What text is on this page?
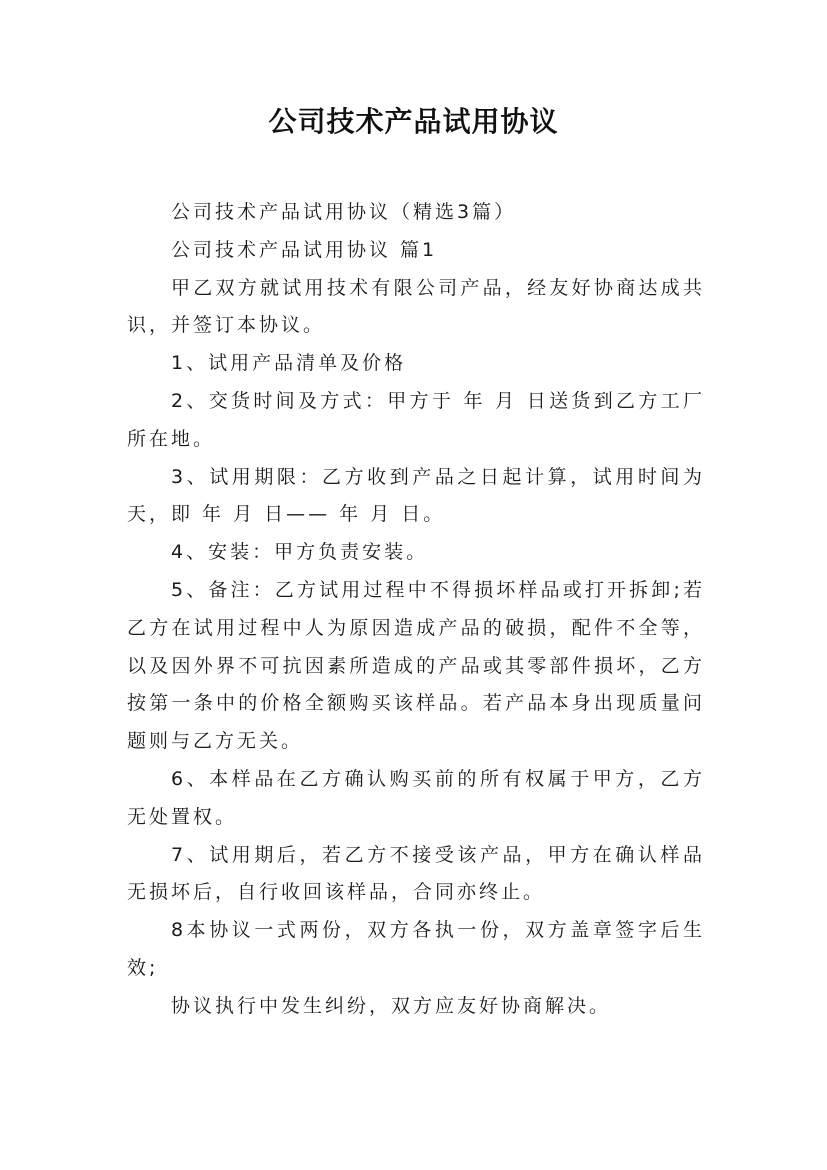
公司技术产品试用协议

公司技术产品试用协议（精选3篇）

公司技术产品试用协议 篇1

甲乙双方就试用技术有限公司产品，经友好协商达成共识，并签订本协议。

1、试用产品清单及价格

2、交货时间及方式：甲方于 年 月 日送货到乙方工厂所在地。

3、试用期限：乙方收到产品之日起计算，试用时间为天，即 年 月 日—— 年 月 日。

4、安装：甲方负责安装。

5、备注：乙方试用过程中不得损坏样品或打开拆卸;若乙方在试用过程中人为原因造成产品的破损，配件不全等，以及因外界不可抗因素所造成的产品或其零部件损坏，乙方按第一条中的价格全额购买该样品。若产品本身出现质量问题则与乙方无关。

6、本样品在乙方确认购买前的所有权属于甲方，乙方无处置权。

7、试用期后，若乙方不接受该产品，甲方在确认样品无损坏后，自行收回该样品，合同亦终止。

8本协议一式两份，双方各执一份，双方盖章签字后生效;

协议执行中发生纠纷，双方应友好协商解决。
